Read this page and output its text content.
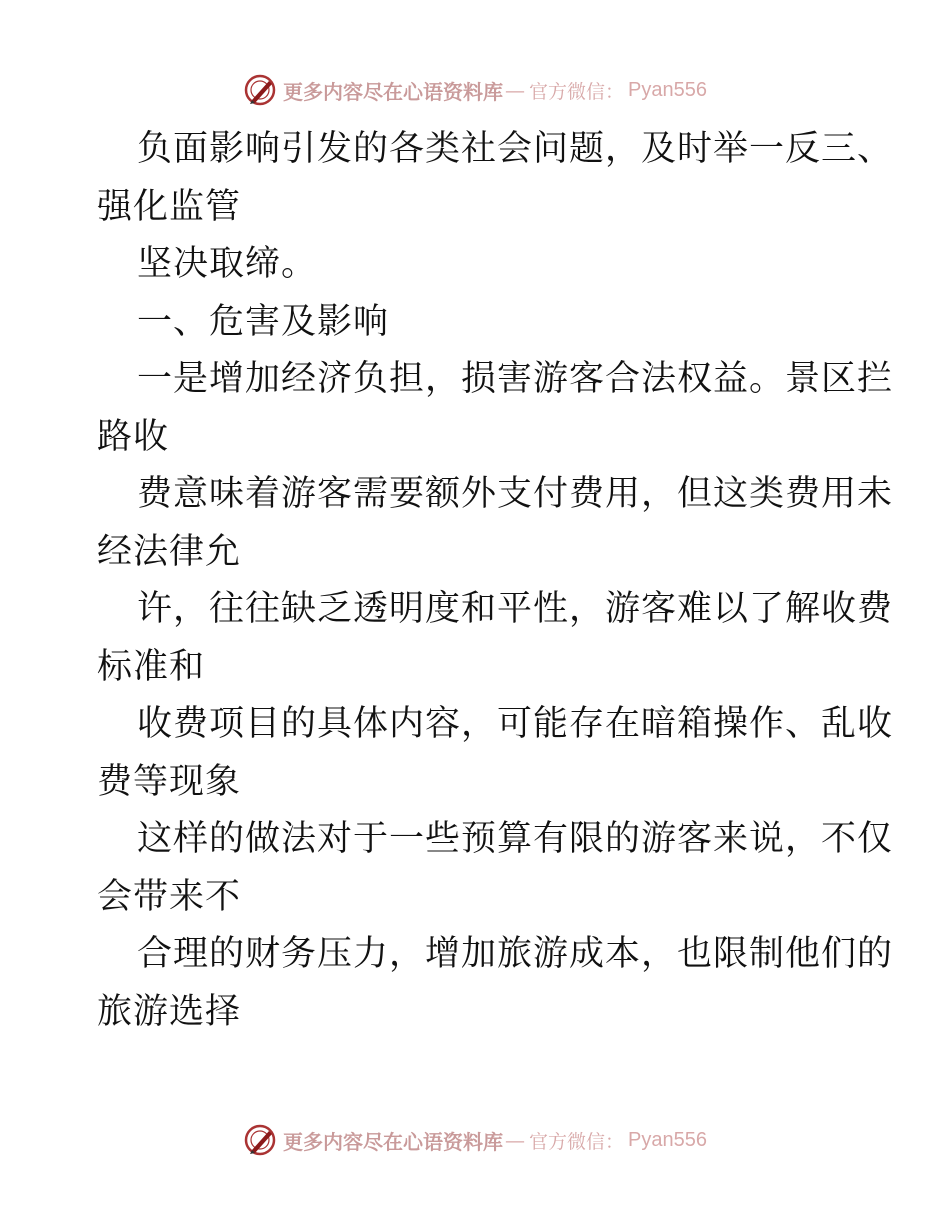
更多内容尽在心语资料库 — 官方微信： Pyan556
负面影响引发的各类社会问题，及时举一反三、
强化监管
坚决取缔。
一、危害及影响
一是增加经济负担，损害游客合法权益。景区拦
路收
费意味着游客需要额外支付费用，但这类费用未
经法律允
许，往往缺乏透明度和平性，游客难以了解收费
标准和
收费项目的具体内容，可能存在暗箱操作、乱收
费等现象
这样的做法对于一些预算有限的游客来说，不仅
会带来不
合理的财务压力，增加旅游成本，也限制他们的
旅游选择
更多内容尽在心语资料库 — 官方微信： Pyan556
